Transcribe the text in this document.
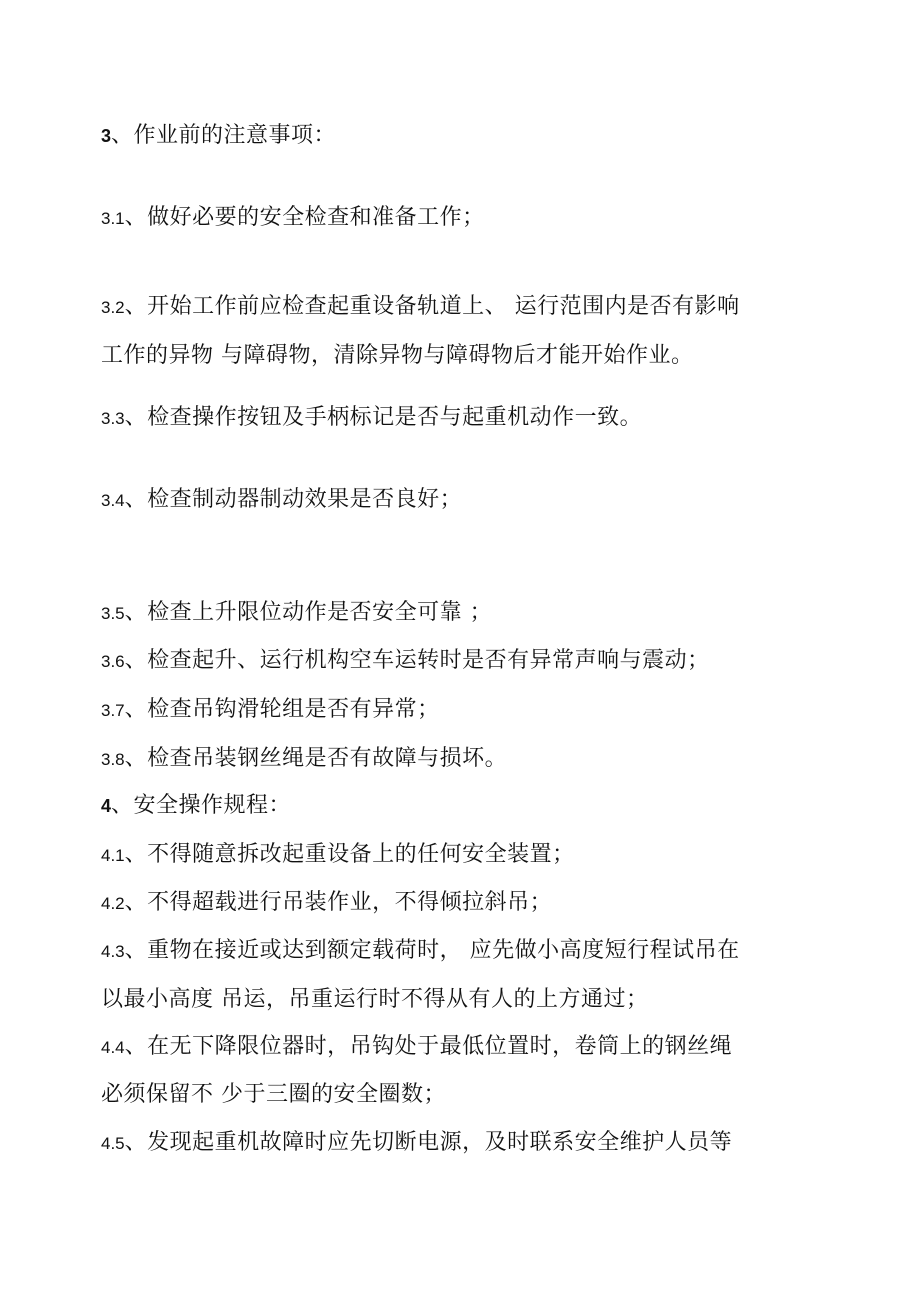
3、作业前的注意事项：
3.1、做好必要的安全检查和准备工作；
3.2、开始工作前应检查起重设备轨道上、 运行范围内是否有影响
工作的异物 与障碍物，清除异物与障碍物后才能开始作业。
3.3、检查操作按钮及手柄标记是否与起重机动作一致。
3.4、检查制动器制动效果是否良好；
3.5、检查上升限位动作是否安全可靠 ；
3.6、检查起升、运行机构空车运转时是否有异常声响与震动；
3.7、检查吊钩滑轮组是否有异常；
3.8、检查吊装钢丝绳是否有故障与损坏。
4、安全操作规程：
4.1、不得随意拆改起重设备上的任何安全装置；
4.2、不得超载进行吊装作业，不得倾拉斜吊；
4.3、重物在接近或达到额定载荷时， 应先做小高度短行程试吊在
以最小高度 吊运，吊重运行时不得从有人的上方通过；
4.4、在无下降限位器时，吊钩处于最低位置时，卷筒上的钢丝绳
必须保留不 少于三圈的安全圈数；
4.5、发现起重机故障时应先切断电源，及时联系安全维护人员等
